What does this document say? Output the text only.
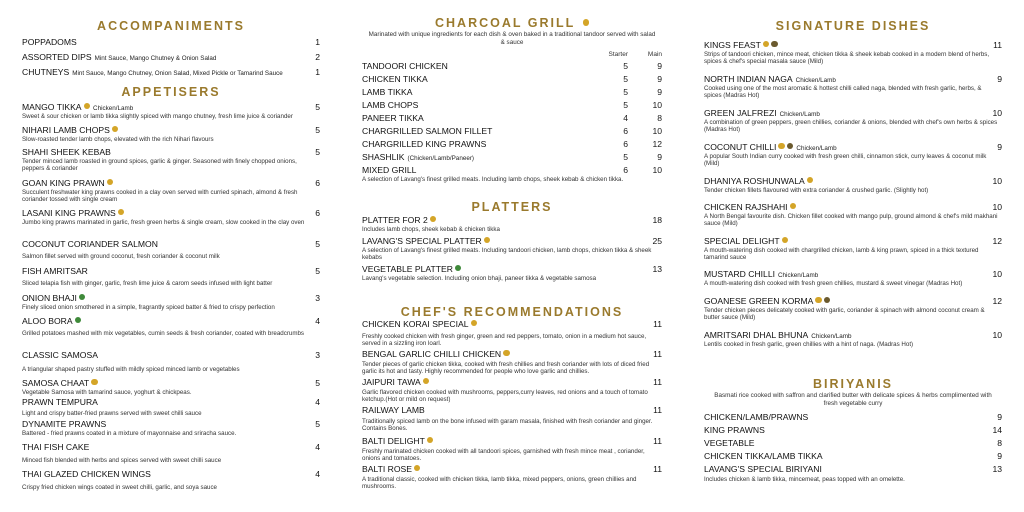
ACCOMPANIMENTS
POPPADOMS	1
ASSORTED DIPS Mint Sauce, Mango Chutney & Onion Salad	2
CHUTNEYS Mint Sauce, Mango Chutney, Onion Salad, Mixed Pickle or Tamarind Sauce	1
APPETISERS
MANGO TIKKA Chicken/Lamb	5
Sweet & sour chicken or lamb tikka slightly spiced with mango chutney, fresh lime juice & coriander
NIHARI LAMB CHOPS	5
Slow-roasted tender lamb chops, elevated with the rich Nihari flavours
SHAHI SHEEK KEBAB	5
Tender minced lamb roasted in ground spices, garlic & ginger. Seasoned with finely chopped onions, peppers & coriander
GOAN KING PRAWN	6
Succulent freshwater king prawns cooked in a clay oven served with curried spinach, almond & fresh coriander tossed with single cream
LASANI KING PRAWNS	6
Jumbo king prawns marinated in garlic, fresh green herbs & single cream, slow cooked in the clay oven
COCONUT CORIANDER SALMON	5
Salmon fillet served with ground coconut, fresh coriander & coconut milk
FISH AMRITSAR	5
Sliced telapia fish with ginger, garlic, fresh lime juice & carom seeds infused with light batter
ONION BHAJI	3
Finely sliced onion smothered in a simple, fragrantly spiced batter & fried to crispy perfection
ALOO BORA	4
Grilled potatoes mashed with mix vegetables, cumin seeds & fresh coriander, coated with breadcrumbs
CLASSIC SAMOSA	3
A triangular shaped pastry stuffed with mildly spiced minced lamb or vegetables
SAMOSA CHAAT	5
Vegetable Samosa with tamarind sauce, yoghurt & chickpeas.
PRAWN TEMPURA	4
Light and crispy batter-fried prawns served with sweet chilli sauce
DYNAMITE PRAWNS	5
Battered - fried prawns coated in a mixture of mayonnaise and sriracha sauce.
THAI FISH CAKE	4
Minced fish blended with herbs and spices served with sweet chilli sauce
THAI GLAZED CHICKEN WINGS	4
Crispy fried chicken wings coated in sweet chilli, garlic, and soya sauce
CHARCOAL GRILL
Marinated with unique ingredients for each dish & oven baked in a traditional tandoor served with salad & sauce
Starter	Main
TANDOORI CHICKEN	5	9
CHICKEN TIKKA	5	9
LAMB TIKKA	5	9
LAMB CHOPS	5	10
PANEER TIKKA	4	8
CHARGRILLED SALMON FILLET	6	10
CHARGRILLED KING PRAWNS	6	12
SHASHLIK (Chicken/Lamb/Paneer)	5	9
MIXED GRILL	6	10
A selection of Lavang's finest grilled meats. Including lamb chops, sheek kebab & chicken tikka.
PLATTERS
PLATTER FOR 2	18
Includes lamb chops, sheek kebab & chicken tikka
LAVANG'S SPECIAL PLATTER	25
A selection of Lavang's finest grilled meats. Including tandoori chicken, lamb chops, chicken tikka & sheek kebabs
VEGETABLE PLATTER	13
Lavang's vegetable selection. Including onion bhaji, paneer tikka & vegetable samosa
CHEF'S RECOMMENDATIONS
CHICKEN KORAI SPECIAL	11
Freshly cooked chicken with fresh ginger, green and red peppers, tomato, onion in a medium hot sauce, served in a sizzling iron loarl.
BENGAL GARLIC CHILLI CHICKEN	11
Tender pieces of garlic chicken tikka, cooked with fresh chillies and fresh coriander with lots of diced fried garlic its hot and tasty. Highly recommended for people who love garlic and chillies.
JAIPURI TAWA	11
Garlic flavored chicken cooked with mushrooms, peppers,curry leaves, red onions and a touch of tomato ketchup.(Hot or mild on request)
RAILWAY LAMB	11
Traditionally spiced lamb on the bone infused with garam masala, finished with fresh coriander and ginger. Contains Bones.
BALTI DELIGHT	11
Freshly marinated chicken cooked with all tandoori spices, garnished with fresh mince meat , coriander, onions and tomatoes.
BALTI ROSE	11
A traditional classic, cooked with chicken tikka, lamb tikka, mixed peppers, onions, green chillies and mushrooms.
SIGNATURE DISHES
KINGS FEAST	11
Strips of tandoori chicken, mince meat, chicken tikka & sheek kebab cooked in a modern blend of herbs, spices & chef's special masala sauce (Mild)
NORTH INDIAN NAGA Chicken/Lamb	9
Cooked using one of the most aromatic & hottest chilli called naga, blended with fresh garlic, herbs, & spices (Madras Hot)
GREEN JALFREZI Chicken/Lamb	10
A combination of green peppers, green chillies, coriander & onions, blended with chef's own herbs & spices (Madras Hot)
COCONUT CHILLI	Chicken/Lamb	9
A popular South Indian curry cooked with fresh green chilli, cinnamon stick, curry leaves & coconut milk (Mild)
DHANIYA ROSHUNWALA	10
Tender chicken fillets flavoured with extra coriander & crushed garlic. (Slightly hot)
CHICKEN RAJSHAHI	10
A North Bengal favourite dish. Chicken fillet cooked with mango pulp, ground almond & chef's mild makhani sauce (Mild)
SPECIAL DELIGHT	12
A mouth-watering dish cooked with chargrilled chicken, lamb & king prawn, spiced in a thick textured tamarind sauce
MUSTARD CHILLI Chicken/Lamb	10
A mouth-watering dish cooked with fresh green chillies, mustard & sweet vinegar (Madras Hot)
GOANESE GREEN KORMA	12
Tender chicken pieces delicately cooked with garlic, coriander & spinach with almond coconut cream & butter sauce (Mild)
AMRITSARI DHAL BHUNA Chicken/Lamb	10
Lentils cooked in fresh garlic, green chillies with a hint of naga. (Madras Hot)
BIRIYANIS
Basmati rice cooked with saffron and clarified butter with delicate spices & herbs complimented with fresh vegetable curry
CHICKEN/LAMB/PRAWNS	9
KING PRAWNS	14
VEGETABLE	8
CHICKEN TIKKA/LAMB TIKKA	9
LAVANG'S SPECIAL BIRIYANI	13
Includes chicken & lamb tikka, mincemeat, peas topped with an omelette.
